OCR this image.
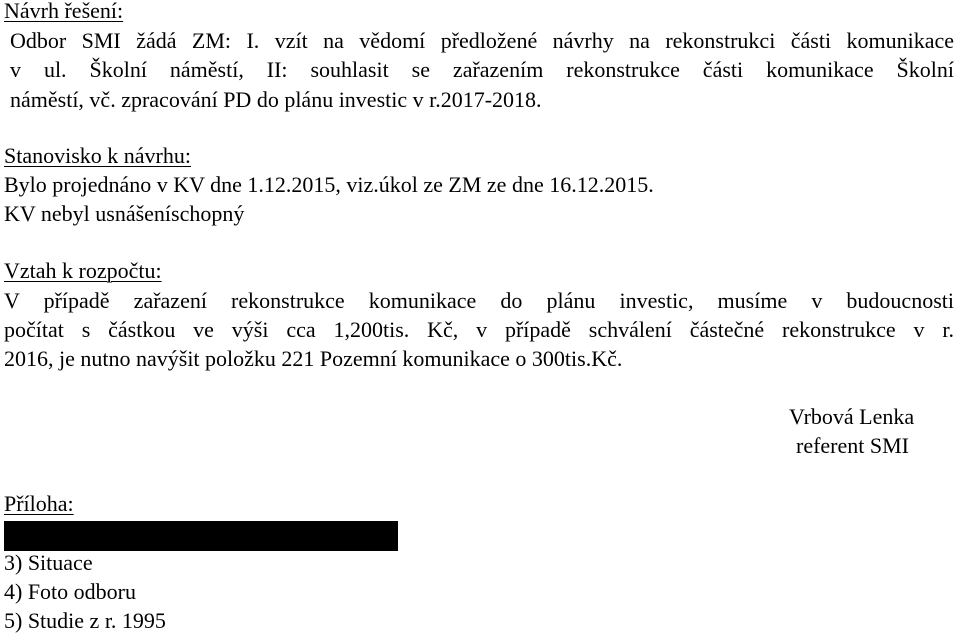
Návrh řešení:
Odbor SMI žádá ZM: I. vzít na vědomí předložené návrhy na rekonstrukci části komunikace
v ul. Školní náměstí, II: souhlasit se zařazením rekonstrukce části komunikace Školní
náměstí, vč. zpracování PD do plánu investic v r.2017-2018.
Stanovisko k návrhu:
Bylo projednáno v KV dne 1.12.2015, viz.úkol ze ZM ze dne 16.12.2015.
KV nebyl usnášeníschopný
Vztah k rozpočtu:
V případě zařazení rekonstrukce komunikace do plánu investic, musíme v budoucnosti
počítat s částkou ve výši cca 1,200tis. Kč, v případě schválení částečné rekonstrukce v r.
2016, je nutno navýšit položku 221 Pozemní komunikace o 300tis.Kč.
Vrbová Lenka
referent SMI
Příloha:
3) Situace
4) Foto odboru
5) Studie z r. 1995
